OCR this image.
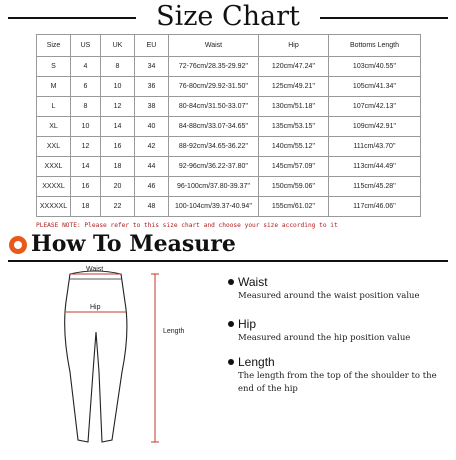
Size Chart
Size	US	UK	EU	Waist	Hip	Bottoms Length
S	4	8	34	72-76cm/28.35-29.92''	120cm/47.24''	103cm/40.55''
M	6	10	36	76-80cm/29.92-31.50''	125cm/49.21''	105cm/41.34''
L	8	12	38	80-84cm/31.50-33.07''	130cm/51.18''	107cm/42.13''
XL	10	14	40	84-88cm/33.07-34.65''	135cm/53.15''	109cm/42.91''
XXL	12	16	42	88-92cm/34.65-36.22''	140cm/55.12''	111cm/43.70''
XXXL	14	18	44	92-96cm/36.22-37.80''	145cm/57.09''	113cm/44.49''
XXXXL	16	20	46	96-100cm/37.80-39.37''	150cm/59.06''	115cm/45.28''
XXXXXL	18	22	48	100-104cm/39.37-40.94''	155cm/61.02''	117cm/46.06''
PLEASE NOTE: Please refer to this size chart and choose your size according to it
How To Measure
Waist
Hip
Length
Waist
Measured around the waist position value
Hip
Measured around the hip position value
Length
The length from the top of the shoulder to the end of the hip
